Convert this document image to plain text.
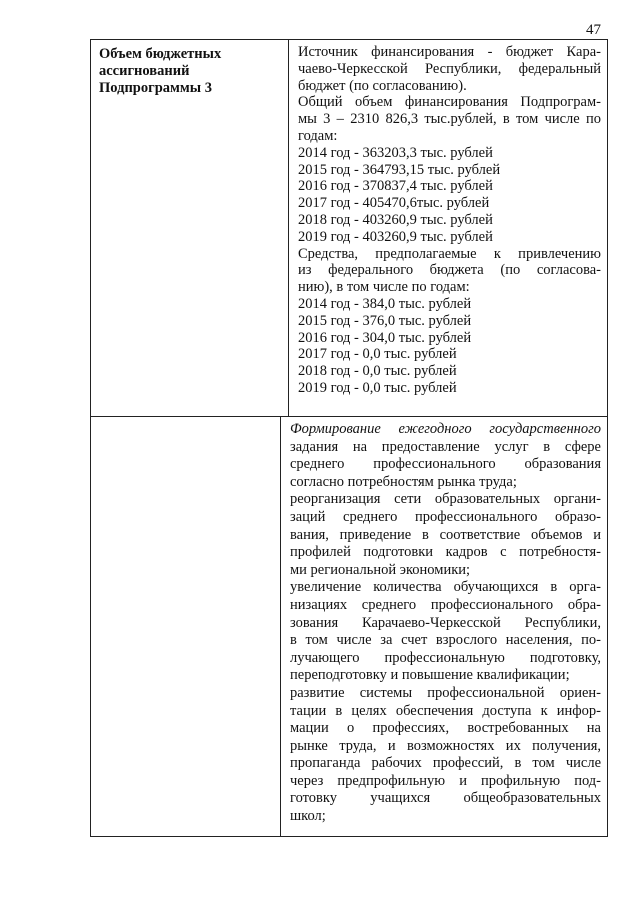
47
Объем бюджетных
ассигнований
Подпрограммы 3
Источник финансирования - бюджет Кара-
чаево-Черкесской Республики, федеральный
бюджет (по согласованию).
Общий объем финансирования Подпрограм-
мы 3 – 2310 826,3 тыс.рублей, в том числе по
годам:
2014 год - 363203,3 тыс. рублей
2015 год - 364793,15 тыс. рублей
2016 год - 370837,4 тыс. рублей
2017 год - 405470,6тыс. рублей
2018 год - 403260,9 тыс. рублей
2019 год - 403260,9 тыс. рублей
Средства, предполагаемые к привлечению
из федерального бюджета (по согласова-
нию), в том числе по годам:
2014 год - 384,0 тыс. рублей
2015 год - 376,0 тыс. рублей
2016 год - 304,0 тыс. рублей
2017 год - 0,0 тыс. рублей
2018 год - 0,0 тыс. рублей
2019 год - 0,0 тыс. рублей
Формирование ежегодного государственного
задания на предоставление услуг в сфере
среднего профессионального образования
согласно потребностям рынка труда;
реорганизация сети образовательных органи-
заций среднего профессионального образо-
вания, приведение в соответствие объемов и
профилей подготовки кадров с потребностя-
ми региональной экономики;
увеличение количества обучающихся в орга-
низациях среднего профессионального обра-
зования Карачаево-Черкесской Республики,
в том числе за счет взрослого населения, по-
лучающего профессиональную подготовку,
переподготовку и повышение квалификации;
развитие системы профессиональной ориен-
тации в целях обеспечения доступа к инфор-
мации о профессиях, востребованных на
рынке труда, и возможностях их получения,
пропаганда рабочих профессий, в том числе
через предпрофильную и профильную под-
готовку учащихся общеобразовательных
школ;
